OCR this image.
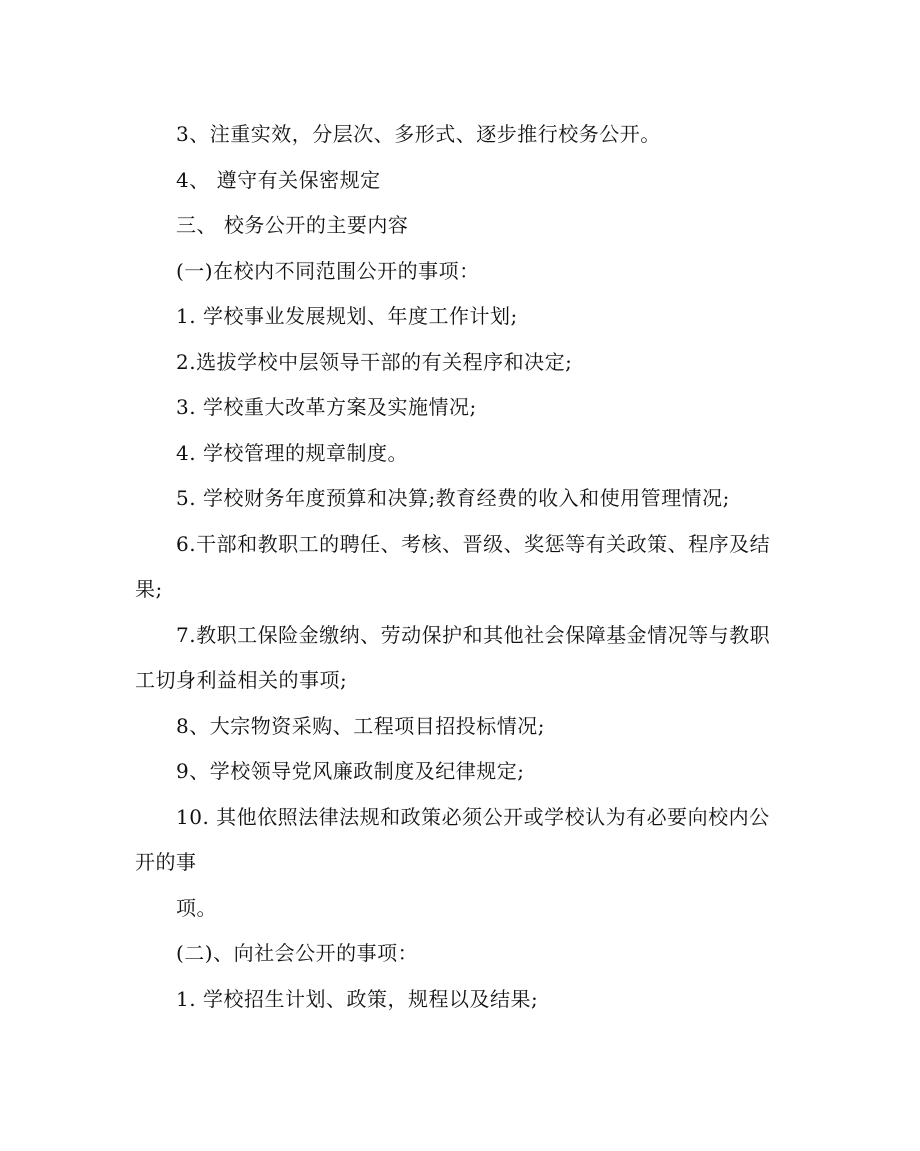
3、注重实效，分层次、多形式、逐步推行校务公开。

4、 遵守有关保密规定

三、 校务公开的主要内容

(一)在校内不同范围公开的事项：

1. 学校事业发展规划、年度工作计划;

2.选拔学校中层领导干部的有关程序和决定;

3. 学校重大改革方案及实施情况;

4. 学校管理的规章制度。

5. 学校财务年度预算和决算;教育经费的收入和使用管理情况;

6.干部和教职工的聘任、考核、晋级、奖惩等有关政策、程序及结果;

7.教职工保险金缴纳、劳动保护和其他社会保障基金情况等与教职工切身利益相关的事项;

8、大宗物资采购、工程项目招投标情况;

9、学校领导党风廉政制度及纪律规定;

10. 其他依照法律法规和政策必须公开或学校认为有必要向校内公开的事

项。

(二)、向社会公开的事项：

1. 学校招生计划、政策，规程以及结果;
